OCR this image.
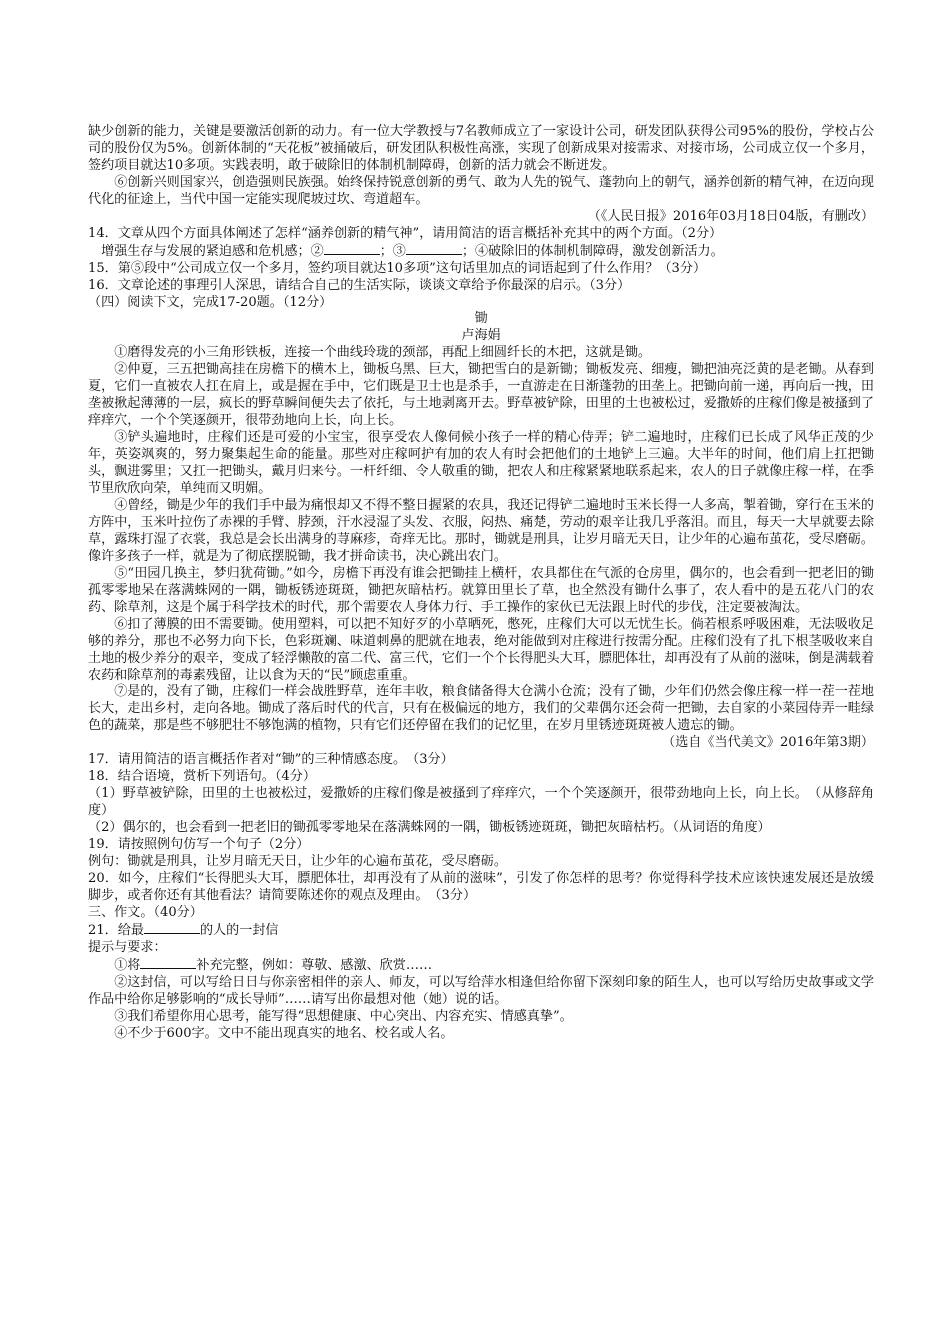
缺少创新的能力，关键是要激活创新的动力。有一位大学教授与7名教师成立了一家设计公司，研发团队获得公司95%的股份，学校占公司的股份仅为5%。创新体制的“天花板”被捅破后，研发团队积极性高涨，实现了创新成果对接需求、对接市场，公司成立仅一个多月，签约项目就达10多项。实践表明，敢于破除旧的体制机制障碍，创新的活力就会不断迸发。

⑥创新兴则国家兴，创造强则民族强。始终保持锐意创新的勇气、敢为人先的锐气、蓬勃向上的朝气，涵养创新的精气神，在迈向现代化的征途上，当代中国一定能实现爬坡过坎、弯道超车。

（《人民日报》2016年03月18日04版，有删改）

14．文章从四个方面具体阐述了怎样“涵养创新的精气神”，请用简洁的语言概括补充其中的两个方面。（2分）

增强生存与发展的紧迫感和危机感；②	；③	；④破除旧的体制机制障碍，激发创新活力。

15．第⑤段中“公司成立仅一个多月，签约项目就达10多项”这句话里加点的词语起到了什么作用？（3分）

16．文章论述的事理引人深思，请结合自己的生活实际，谈谈文章给予你最深的启示。（3分）

（四）阅读下文，完成17-20题。（12分）

锄

卢海娟

①磨得发亮的小三角形铁板，连接一个曲线玲珑的颈部，再配上细圆纤长的木把，这就是锄。

②仲夏，三五把锄高挂在房檐下的横木上，锄板乌黑、巨大，锄把雪白的是新锄；锄板发亮、细瘦，锄把油亮泛黄的是老锄。从春到夏，它们一直被农人扛在肩上，或是握在手中，它们既是卫士也是杀手，一直游走在日渐蓬勃的田垄上。把锄向前一递，再向后一拽，田垄被揪起薄薄的一层，疯长的野草瞬间便失去了依托，与土地剥离开去。野草被铲除，田里的土也被松过，爱撒娇的庄稼们像是被搔到了痒痒穴，一个个笑逐颜开，很带劲地向上长，向上长。

③铲头遍地时，庄稼们还是可爱的小宝宝，很享受农人像伺候小孩子一样的精心侍弄；铲二遍地时，庄稼们已长成了风华正茂的少年，英姿飒爽的，努力聚集起生命的能量。那些对庄稼呵护有加的农人有时会把他们的土地铲上三遍。大半年的时间，他们肩上扛把锄头，飘进雾里；又扛一把锄头，戴月归来兮。一杆纤细、令人敬重的锄，把农人和庄稼紧紧地联系起来，农人的日子就像庄稼一样，在季节里欣欣向荣，单纯而又明媚。

④曾经，锄是少年的我们手中最为痛恨却又不得不整日握紧的农具，我还记得铲二遍地时玉米长得一人多高，掣着锄，穿行在玉米的方阵中，玉米叶拉伤了赤裸的手臂、脖颈，汗水浸湿了头发、衣服，闷热、痛楚，劳动的艰辛让我几乎落泪。而且，每天一大早就要去除草，露珠打湿了衣裳，我总是会长出满身的荨麻疹，奇痒无比。那时，锄就是刑具，让岁月暗无天日，让少年的心遍布茧花，受尽磨砺。像许多孩子一样，就是为了彻底摆脱锄，我才拼命读书，决心跳出农门。

⑤“田园几换主，梦归犹荷锄。”如今，房檐下再没有谁会把锄挂上横杆，农具都住在气派的仓房里，偶尔的，也会看到一把老旧的锄孤零零地呆在落满蛛网的一隅，锄板锈迹斑斑，锄把灰暗枯朽。就算田里长了草，也全然没有锄什么事了，农人看中的是五花八门的农药、除草剂，这是个属于科学技术的时代，那个需要农人身体力行、手工操作的家伙已无法跟上时代的步伐，注定要被淘汰。

⑥扣了薄膜的田不需要锄。使用塑料，可以把不知好歹的小草晒死，憋死，庄稼们大可以无忧生长。倘若根系呼吸困难，无法吸收足够的养分，那也不必努力向下长，色彩斑斓、味道刺鼻的肥就在地表，绝对能做到对庄稼进行按需分配。庄稼们没有了扎下根茎吸收来自土地的极少养分的艰辛，变成了轻浮懒散的富二代、富三代，它们一个个长得肥头大耳，膘肥体壮，却再没有了从前的滋味，倒是满载着农药和除草剂的毒素残留，让以食为天的“民”顾虑重重。

⑦是的，没有了锄，庄稼们一样会战胜野草，连年丰收，粮食储备得大仓满小仓流；没有了锄，少年们仍然会像庄稼一样一茬一茬地长大，走出乡村，走向各地。锄成了落后时代的代言，只有在极偏远的地方，我们的父辈偶尔还会荷一把锄，去自家的小菜园侍弄一畦绿色的蔬菜，那是些不够肥壮不够饱满的植物，只有它们还停留在我们的记忆里，在岁月里锈迹斑斑被人遗忘的锄。

（选自《当代美文》2016年第3期）

17．请用简洁的语言概括作者对“锄”的三种情感态度。　（3分）

18．结合语境，赏析下列语句。（4分）

（1）野草被铲除，田里的土也被松过，爱撒娇的庄稼们像是被搔到了痒痒穴，一个个笑逐颜开，很带劲地向上长，向上长。　（从修辞角度）

（2）偶尔的，也会看到一把老旧的锄孤零零地呆在落满蛛网的一隅，锄板锈迹斑斑，锄把灰暗枯朽。（从词语的角度）

19．请按照例句仿写一个句子（2分）

例句：锄就是刑具，让岁月暗无天日，让少年的心遍布茧花，受尽磨砺。

20．如今，庄稼们“长得肥头大耳，膘肥体壮，却再没有了从前的滋味”，引发了你怎样的思考？你觉得科学技术应该快速发展还是放缓脚步，或者你还有其他看法？请简要陈述你的观点及理由。　（3分）

三、作文。（40分）

21．给最	的人的一封信

提示与要求：

①将	补充完整，例如：尊敬、感激、欣赏……

②这封信，可以写给日日与你亲密相伴的亲人、师友，可以写给萍水相逢但给你留下深刻印象的陌生人，也可以写给历史故事或文学作品中给你足够影响的“成长导师”……请写出你最想对他（她）说的话。

③我们希望你用心思考，能写得“思想健康、中心突出、内容充实、情感真挚”。

④不少于600字。文中不能出现真实的地名、校名或人名。
